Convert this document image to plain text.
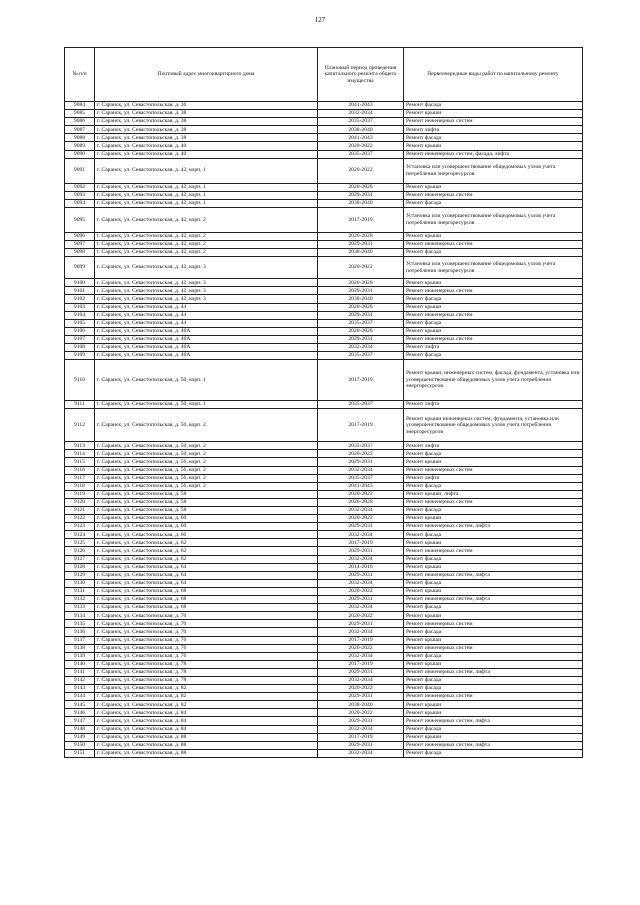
127
№ п/п	Почтовый адрес многоквартирного дома	Плановый период проведения капитального ремонта общего имущества	Первоочередные виды работ по капитальному ремонту
9084	г. Саранск, ул. Севастопольская, д. 36	2041-2043	Ремонт фасада
9085	г. Саранск, ул. Севастопольская, д. 38	2032-2034	Ремонт крыши
9086	г. Саранск, ул. Севастопольская, д. 38	2035-2037	Ремонт инженерных систем
9087	г. Саранск, ул. Севастопольская, д. 38	2038-2040	Ремонт лифта
9088	г. Саранск, ул. Севастопольская, д. 38	2041-2043	Ремонт фасада
9089	г. Саранск, ул. Севастопольская, д. 40	2020-2022	Ремонт крыши
9090	г. Саранск, ул. Севастопольская, д. 40	2035-2037	Ремонт инженерных систем, фасада, лифта
9091	г. Саранск, ул. Севастопольская, д. 42, корп. 1	2020-2022	Установка или усовершенствование общедомовых узлов учета потребления энергоресурсов
9092	г. Саранск, ул. Севастопольская, д. 42, корп. 1	2026-2028	Ремонт крыши
9093	г. Саранск, ул. Севастопольская, д. 42, корп. 1	2029-2031	Ремонт инженерных систем
9094	г. Саранск, ул. Севастопольская, д. 42, корп. 1	2038-2040	Ремонт фасада
9095	г. Саранск, ул. Севастопольская, д. 42, корп. 2	2017-2019	Установка или усовершенствование общедомовых узлов учета потребления энергоресурсов
9096	г. Саранск, ул. Севастопольская, д. 42, корп. 2	2026-2028	Ремонт крыши
9097	г. Саранск, ул. Севастопольская, д. 42, корп. 2	2029-2031	Ремонт инженерных систем
9098	г. Саранск, ул. Севастопольская, д. 42, корп. 2	2038-2040	Ремонт фасада
9099	г. Саранск, ул. Севастопольская, д. 42, корп. 3	2020-2022	Установка или усовершенствование общедомовых узлов учета потребления энергоресурсов
9100	г. Саранск, ул. Севастопольская, д. 42, корп. 3	2026-2028	Ремонт крыши
9101	г. Саранск, ул. Севастопольская, д. 42, корп. 3	2029-2031	Ремонт инженерных систем
9102	г. Саранск, ул. Севастопольская, д. 42, корп. 3	2038-2040	Ремонт фасада
9103	г. Саранск, ул. Севастопольская, д. 44	2026-2028	Ремонт крыши
9104	г. Саранск, ул. Севастопольская, д. 44	2029-2031	Ремонт инженерных систем
9105	г. Саранск, ул. Севастопольская, д. 44	2035-2037	Ремонт фасада
9106	г. Саранск, ул. Севастопольская, д. 46А	2026-2028	Ремонт крыши
9107	г. Саранск, ул. Севастопольская, д. 46А	2029-2031	Ремонт инженерных систем
9108	г. Саранск, ул. Севастопольская, д. 46А	2032-2034	Ремонт лифта
9109	г. Саранск, ул. Севастопольская, д. 46А	2035-2037	Ремонт фасада
9110	г. Саранск, ул. Севастопольская, д. 50, корп. 1	2017-2019	Ремонт крыши, инженерных систем, фасада, фундамента, установка или усовершенствование общедомовых узлов учета потребления энергоресурсов
9111	г. Саранск, ул. Севастопольская, д. 50, корп. 1	2035-2037	Ремонт лифта
9112	г. Саранск, ул. Севастопольская, д. 50, корп. 2	2017-2019	Ремонт крыши инженерных систем, фундамента, установка или усовершенствование общедомовых узлов учета потребления энергоресурсов
9113	г. Саранск, ул. Севастопольская, д. 50, корп. 2	2035-2037	Ремонт лифта
9114	г. Саранск, ул. Севастопольская, д. 50, корп. 2	2020-2022	Ремонт фасада
9115	г. Саранск, ул. Севастопольская, д. 56, корп. 2	2029-2031	Ремонт крыши
9116	г. Саранск, ул. Севастопольская, д. 56, корп. 2	2032-2034	Ремонт инженерных систем
9117	г. Саранск, ул. Севастопольская, д. 56, корп. 2	2035-2037	Ремонт лифта
9118	г. Саранск, ул. Севастопольская, д. 56, корп. 2	2041-2043	Ремонт фасада
9119	г. Саранск, ул. Севастопольская, д. 58	2020-2022	Ремонт крыши, лифта
9120	г. Саранск, ул. Севастопольская, д. 58	2026-2028	Ремонт инженерных систем
9121	г. Саранск, ул. Севастопольская, д. 58	2032-2034	Ремонт фасада
9122	г. Саранск, ул. Севастопольская, д. 60	2020-2022	Ремонт крыши
9123	г. Саранск, ул. Севастопольская, д. 60	2029-2031	Ремонт инженерных систем, лифта
9124	г. Саранск, ул. Севастопольская, д. 60	2032-2034	Ремонт фасада
9125	г. Саранск, ул. Севастопольская, д. 62	2017-2019	Ремонт крыши
9126	г. Саранск, ул. Севастопольская, д. 62	2029-2031	Ремонт инженерных систем
9127	г. Саранск, ул. Севастопольская, д. 62	2032-2034	Ремонт фасада
9128	г. Саранск, ул. Севастопольская, д. 64	2014-2016	Ремонт крыши
9129	г. Саранск, ул. Севастопольская, д. 64	2029-2031	Ремонт инженерных систем, лифта
9130	г. Саранск, ул. Севастопольская, д. 64	2032-2034	Ремонт фасада
9131	г. Саранск, ул. Севастопольская, д. 68	2020-2022	Ремонт крыши
9132	г. Саранск, ул. Севастопольская, д. 68	2029-2031	Ремонт инженерных систем, лифта
9133	г. Саранск, ул. Севастопольская, д. 68	2032-2034	Ремонт фасада
9134	г. Саранск, ул. Севастопольская, д. 70	2020-2022	Ремонт крыши
9135	г. Саранск, ул. Севастопольская, д. 70	2029-2031	Ремонт инженерных систем
9136	г. Саранск, ул. Севастопольская, д. 70	2032-2034	Ремонт фасада
9137	г. Саранск, ул. Севастопольская, д. 76	2017-2019	Ремонт крыши
9138	г. Саранск, ул. Севастопольская, д. 76	2020-2022	Ремонт инженерных систем
9139	г. Саранск, ул. Севастопольская, д. 76	2032-2034	Ремонт фасада
9140	г. Саранск, ул. Севастопольская, д. 78	2017-2019	Ремонт крыши
9141	г. Саранск, ул. Севастопольская, д. 78	2029-2031	Ремонт инженерных систем, лифта
9142	г. Саранск, ул. Севастопольская, д. 78	2032-2034	Ремонт фасада
9143	г. Саранск, ул. Севастопольская, д. 82	2020-2022	Ремонт фасада
9144	г. Саранск, ул. Севастопольская, д. 82	2029-2031	Ремонт инженерных систем
9145	г. Саранск, ул. Севастопольская, д. 82	2038-2040	Ремонт крыши
9146	г. Саранск, ул. Севастопольская, д. 84	2020-2022	Ремонт крыши
9147	г. Саранск, ул. Севастопольская, д. 84	2029-2031	Ремонт инженерных систем, лифта
9148	г. Саранск, ул. Севастопольская, д. 84	2032-2034	Ремонт фасада
9149	г. Саранск, ул. Севастопольская, д. 88	2017-2019	Ремонт крыши
9150	г. Саранск, ул. Севастопольская, д. 88	2029-2031	Ремонт инженерных систем, лифта
9151	г. Саранск, ул. Севастопольская, д. 88	2032-2034	Ремонт фасада
